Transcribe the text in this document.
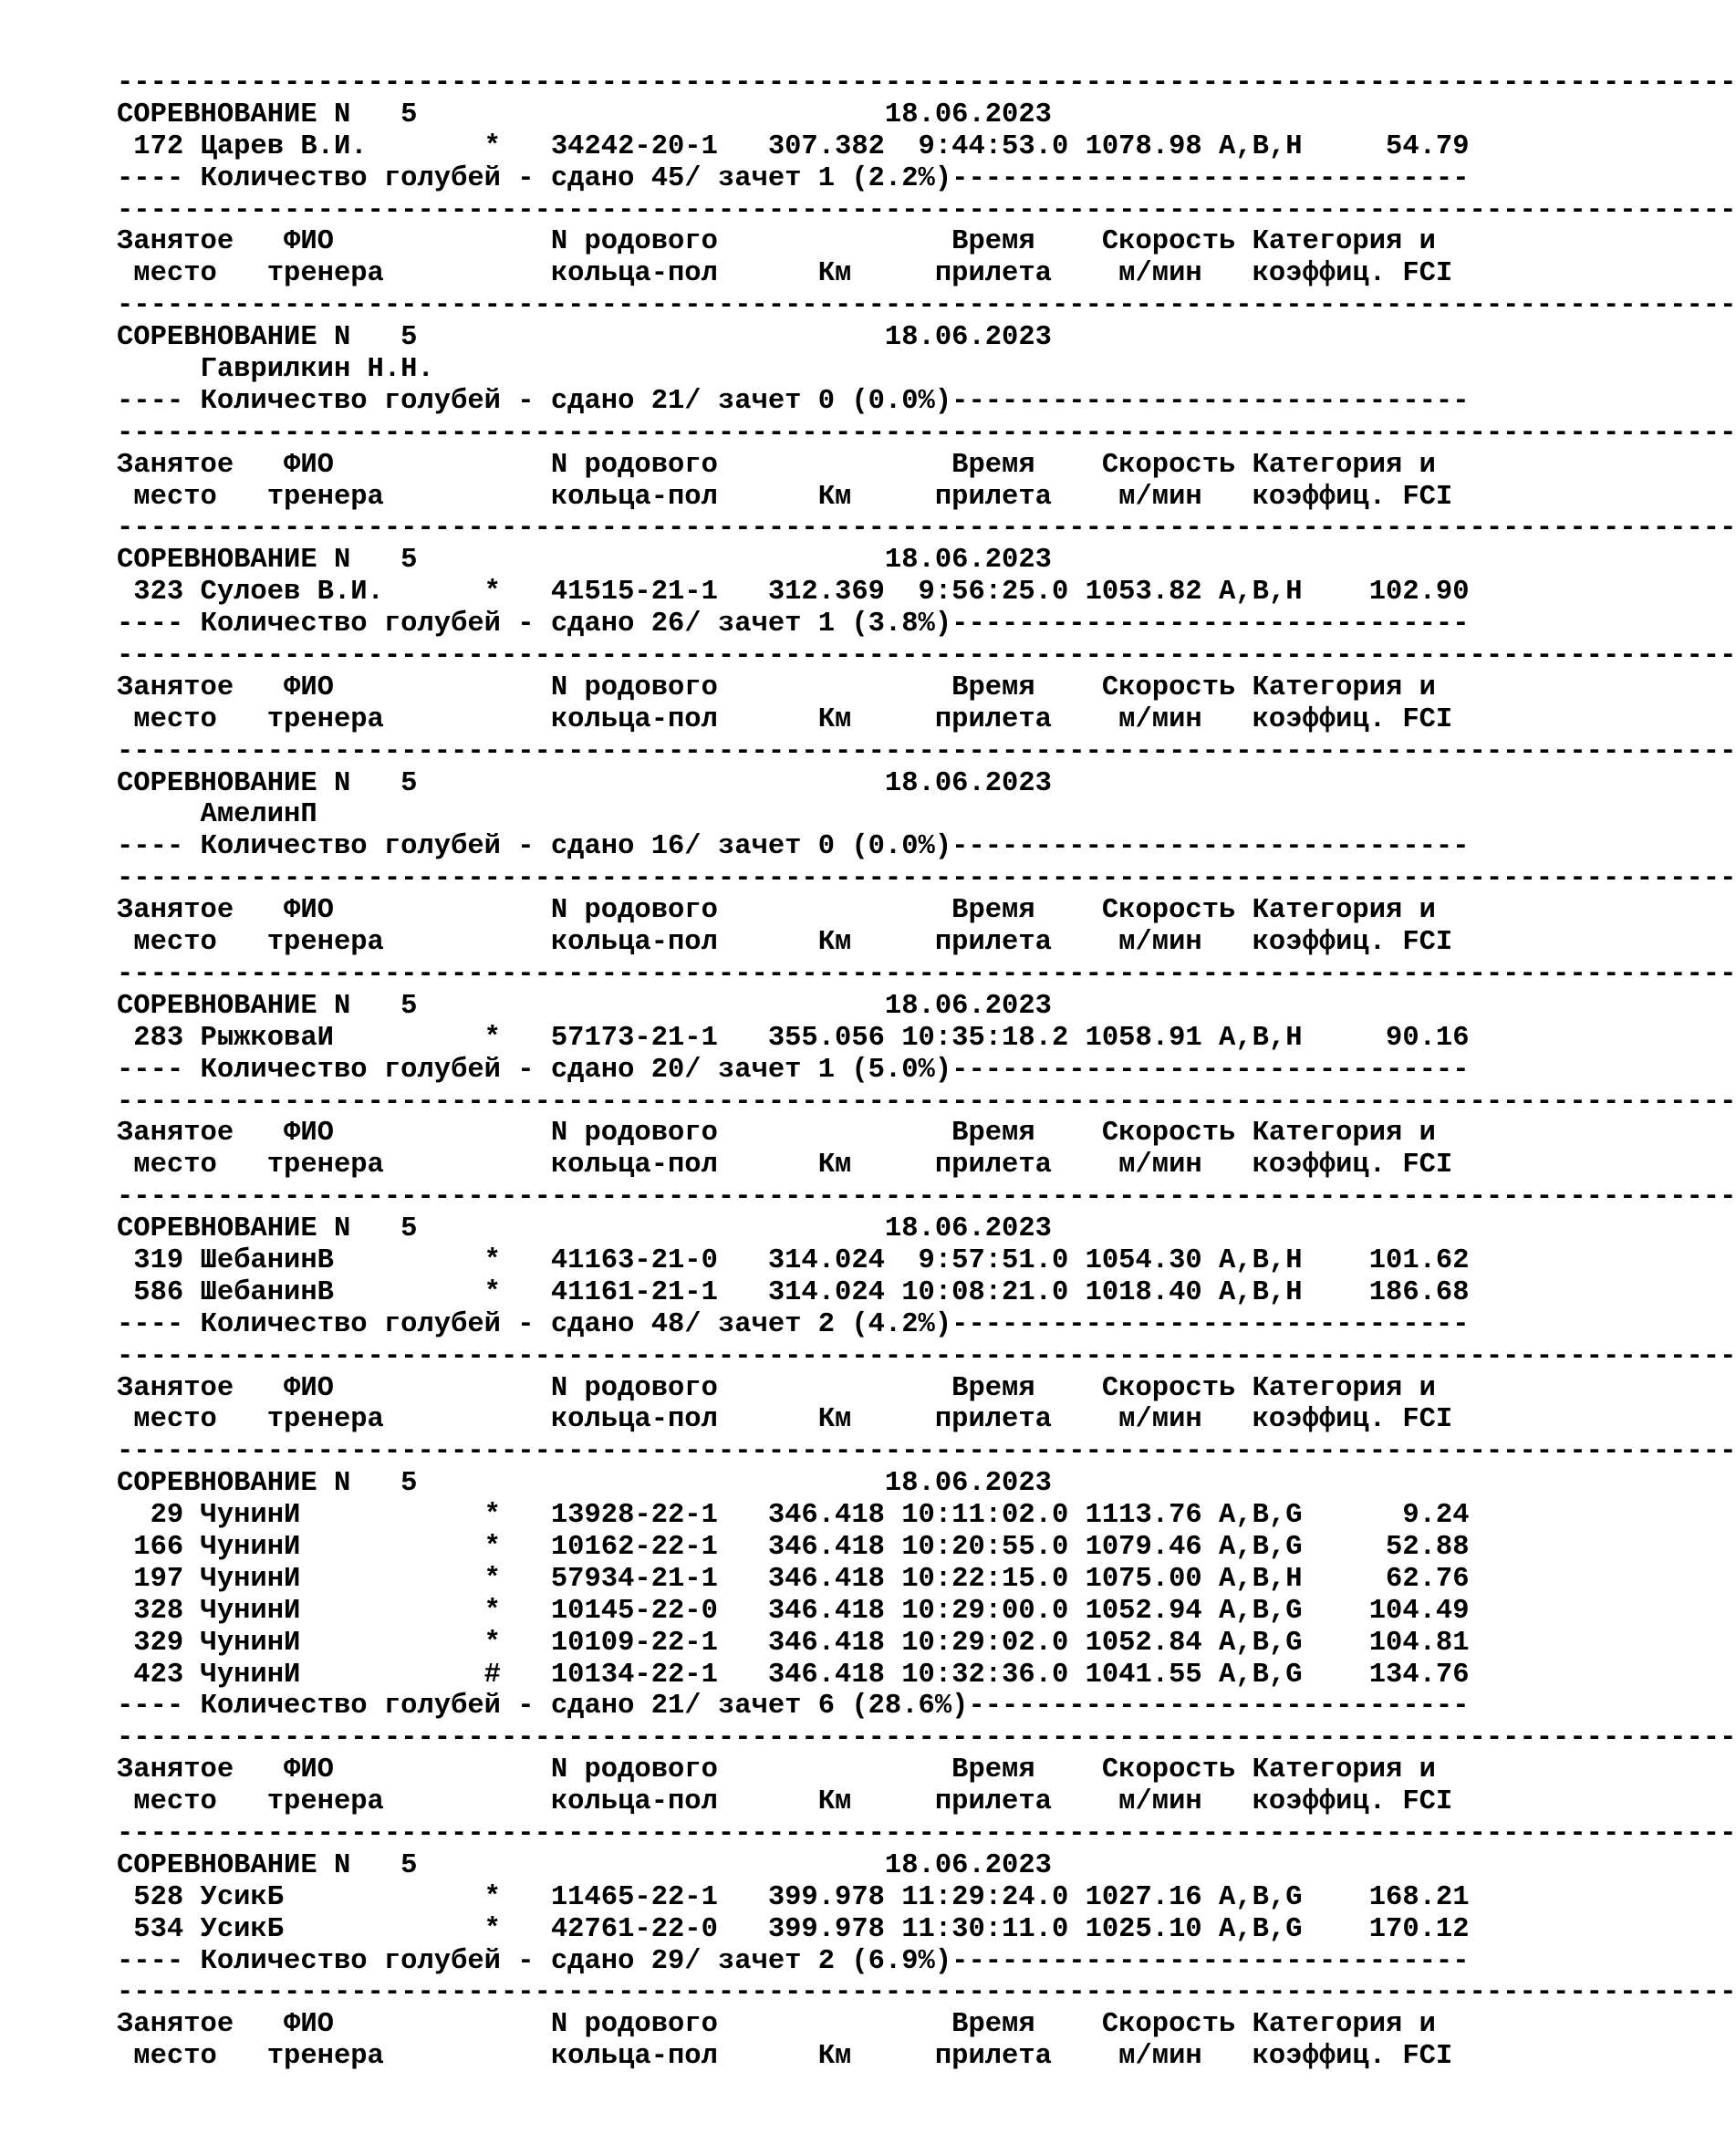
-------------------------------------------------------------------------------------------------
СОРЕВНОВАНИЕ N   5                            18.06.2023
172 Царев В.И.       *   34242-20-1   307.382  9:44:53.0 1078.98 A,B,H     54.79
---- Количество голубей - сдано 45/ зачет 1 (2.2%)-------------------------------
-------------------------------------------------------------------------------------------------
Занятое   ФИО             N родового              Время    Скорость Категория и
место   тренера          кольца-пол      Км     прилета    м/мин   коэффиц. FCI
-------------------------------------------------------------------------------------------------
СОРЕВНОВАНИЕ N   5                            18.06.2023
Гаврилкин Н.Н.
---- Количество голубей - сдано 21/ зачет 0 (0.0%)-------------------------------
-------------------------------------------------------------------------------------------------
Занятое   ФИО             N родового              Время    Скорость Категория и
место   тренера          кольца-пол      Км     прилета    м/мин   коэффиц. FCI
-------------------------------------------------------------------------------------------------
СОРЕВНОВАНИЕ N   5                            18.06.2023
323 Сулоев В.И.      *   41515-21-1   312.369  9:56:25.0 1053.82 A,B,H    102.90
---- Количество голубей - сдано 26/ зачет 1 (3.8%)-------------------------------
-------------------------------------------------------------------------------------------------
Занятое   ФИО             N родового              Время    Скорость Категория и
место   тренера          кольца-пол      Км     прилета    м/мин   коэффиц. FCI
-------------------------------------------------------------------------------------------------
СОРЕВНОВАНИЕ N   5                            18.06.2023
АмелинП
---- Количество голубей - сдано 16/ зачет 0 (0.0%)-------------------------------
-------------------------------------------------------------------------------------------------
Занятое   ФИО             N родового              Время    Скорость Категория и
место   тренера          кольца-пол      Км     прилета    м/мин   коэффиц. FCI
-------------------------------------------------------------------------------------------------
СОРЕВНОВАНИЕ N   5                            18.06.2023
283 РыжковаИ         *   57173-21-1   355.056 10:35:18.2 1058.91 A,B,H     90.16
---- Количество голубей - сдано 20/ зачет 1 (5.0%)-------------------------------
-------------------------------------------------------------------------------------------------
Занятое   ФИО             N родового              Время    Скорость Категория и
место   тренера          кольца-пол      Км     прилета    м/мин   коэффиц. FCI
-------------------------------------------------------------------------------------------------
СОРЕВНОВАНИЕ N   5                            18.06.2023
319 ШебанинВ         *   41163-21-0   314.024  9:57:51.0 1054.30 A,B,H    101.62
586 ШебанинВ         *   41161-21-1   314.024 10:08:21.0 1018.40 A,B,H    186.68
---- Количество голубей - сдано 48/ зачет 2 (4.2%)-------------------------------
-------------------------------------------------------------------------------------------------
Занятое   ФИО             N родового              Время    Скорость Категория и
место   тренера          кольца-пол      Км     прилета    м/мин   коэффиц. FCI
-------------------------------------------------------------------------------------------------
СОРЕВНОВАНИЕ N   5                            18.06.2023
29 ЧунинИ           *   13928-22-1   346.418 10:11:02.0 1113.76 A,B,G      9.24
166 ЧунинИ           *   10162-22-1   346.418 10:20:55.0 1079.46 A,B,G     52.88
197 ЧунинИ           *   57934-21-1   346.418 10:22:15.0 1075.00 A,B,H     62.76
328 ЧунинИ           *   10145-22-0   346.418 10:29:00.0 1052.94 A,B,G    104.49
329 ЧунинИ           *   10109-22-1   346.418 10:29:02.0 1052.84 A,B,G    104.81
423 ЧунинИ           #   10134-22-1   346.418 10:32:36.0 1041.55 A,B,G    134.76
---- Количество голубей - сдано 21/ зачет 6 (28.6%)------------------------------
-------------------------------------------------------------------------------------------------
Занятое   ФИО             N родового              Время    Скорость Категория и
место   тренера          кольца-пол      Км     прилета    м/мин   коэффиц. FCI
-------------------------------------------------------------------------------------------------
СОРЕВНОВАНИЕ N   5                            18.06.2023
528 УсикБ            *   11465-22-1   399.978 11:29:24.0 1027.16 A,B,G    168.21
534 УсикБ            *   42761-22-0   399.978 11:30:11.0 1025.10 A,B,G    170.12
---- Количество голубей - сдано 29/ зачет 2 (6.9%)-------------------------------
-------------------------------------------------------------------------------------------------
Занятое   ФИО             N родового              Время    Скорость Категория и
место   тренера          кольца-пол      Км     прилета    м/мин   коэффиц. FCI
